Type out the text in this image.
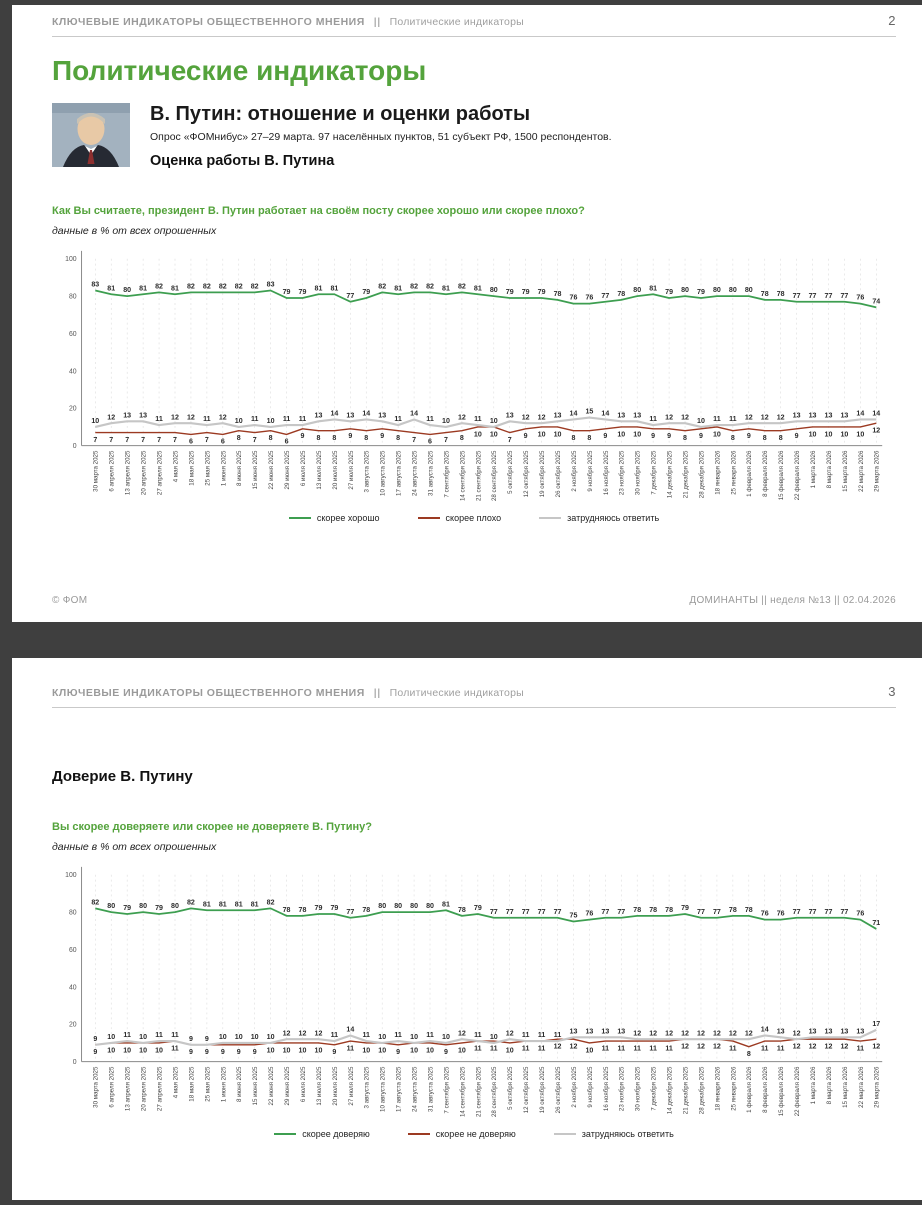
КЛЮЧЕВЫЕ ИНДИКАТОРЫ ОБЩЕСТВЕННОГО МНЕНИЯ || Политические индикаторы	2
Политические индикаторы
В. Путин: отношение и оценки работы
Опрос «ФОМнибус» 27–29 марта. 97 населённых пунктов, 51 субъект РФ, 1500 респондентов.
Оценка работы В. Путина
Как Вы считаете, президент В. Путин работает на своём посту скорее хорошо или скорее плохо?
данные в % от всех опрошенных
0
20
40
60
80
100
83 81 80 81 82 81 82 82 82 82 82 83
79 79 81 81
77 79
82 81 82 82 81 82 81 80 79 79 79 78 76 76 77 78 80 81 79 80 79 80 80 80 78 78 77 77 77 77 76 74
7 7 7 7 7 7 6 7 6 8 7 8 6
9 8 8 9 8 9 8 7 6 7 8 10 10
7 9 10 10 8 8 9 10 10 9 9 8 9 10 8 9 8 8 9 10 10 10 10 12
10 12 13 13 11 12 12 11 12 10 11 10 11 11 13 14 13 14 13 11
14
11 10 12 11 10
13 12 12 13 14 15 14 13 13 11 12 12 10 11 11 12 12 12 13 13 13 13 14 14
30 марта 2025 6 апреля 2025 13 апреля 2025 20 апреля 2025 27 апреля 2025 4 мая 2025 18 мая 2025 25 мая 2025 1 июня 2025 8 июня 2025 15 июня 2025 22 июня 2025 29 июня 2025 6 июля 2025 13 июля 2025 20 июля 2025 27 июля 2025 3 августа 2025 10 августа 2025 17 августа 2025 24 августа 2025 31 августа 2025 7 сентября 2025 14 сентября 2025 21 сентября 2025 28 сентября 2025 5 октября 2025 12 октября 2025 19 октября 2025 26 октября 2025 2 ноября 2025 9 ноября 2025 16 ноября 2025 23 ноября 2025 30 ноября 2025 7 декабря 2025 14 декабря 2025 21 декабря 2025 28 декабря 2025 18 января 2026 25 января 2026 1 февраля 2026 8 февраля 2026 15 февраля 2026 22 февраля 2026 1 марта 2026 8 марта 2026 15 марта 2026 22 марта 2026 29 марта 2026
скорее хорошо	скорее плохо	затрудняюсь ответить
© ФОМ	ДОМИНАНТЫ || неделя №13 || 02.04.2026
КЛЮЧЕВЫЕ ИНДИКАТОРЫ ОБЩЕСТВЕННОГО МНЕНИЯ || Политические индикаторы	3
Доверие В. Путину
Вы скорее доверяете или скорее не доверяете В. Путину?
данные в % от всех опрошенных
0
20
40
60
80
100
82 80 79 80 79 80 82 81 81 81 81 82
78 78 79 79 77 78 80 80 80 80 81
78 79 77 77 77 77 77 75 76 77 77 78 78 78 79 77 77 78 78 76 76 77 77 77 77 76
71
9 10 10 10 10 11 9 9 9 9 9 10 10 10 10 9 11 10 10 9 10 10 9 10 11 11 10 11 11 12 12 10 11 11 11 11 11 12 12 12 11
8
11 11 12 12 12 12 11 12
9 10 11 10 11 11 9 9 10 10 10 10 12 12 12 11
14
11 10 11 10 11 10 12 11 10 12 11 11 11 13 13 13 13 12 12 12 12 12 12 12 12 14 13 12 13 13 13 13
17
30 марта 2025 6 апреля 2025 13 апреля 2025 20 апреля 2025 27 апреля 2025 4 мая 2025 18 мая 2025 25 мая 2025 1 июня 2025 8 июня 2025 15 июня 2025 22 июня 2025 29 июня 2025 6 июля 2025 13 июля 2025 20 июля 2025 27 июля 2025 3 августа 2025 10 августа 2025 17 августа 2025 24 августа 2025 31 августа 2025 7 сентября 2025 14 сентября 2025 21 сентября 2025 28 сентября 2025 5 октября 2025 12 октября 2025 19 октября 2025 26 октября 2025 2 ноября 2025 9 ноября 2025 16 ноября 2025 23 ноября 2025 30 ноября 2025 7 декабря 2025 14 декабря 2025 21 декабря 2025 28 декабря 2025 18 января 2026 25 января 2026 1 февраля 2026 8 февраля 2026 15 февраля 2026 22 февраля 2026 1 марта 2026 8 марта 2026 15 марта 2026 22 марта 2026 29 марта 2026
скорее доверяю	скорее не доверяю	затрудняюсь ответить
